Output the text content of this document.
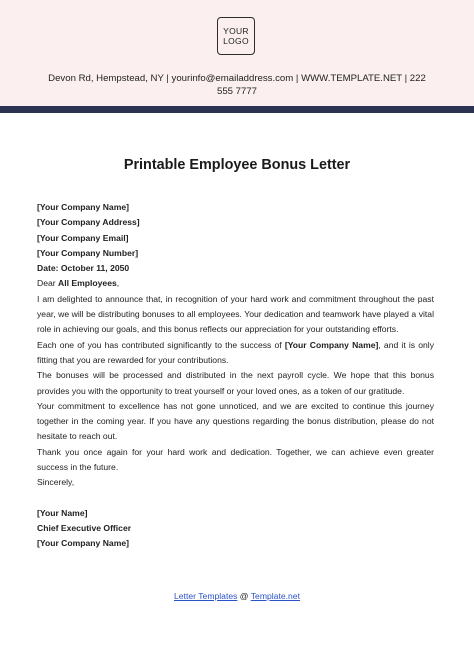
YOUR
LOGO
Devon Rd, Hempstead, NY | yourinfo@emailaddress.com | WWW.TEMPLATE.NET | 222
555 7777
Printable Employee Bonus Letter

[Your Company Name]

[Your Company Address]

[Your Company Email]

[Your Company Number]

Date: October 11, 2050

Dear All Employees,

I am delighted to announce that, in recognition of your hard work and commitment throughout the past year, we will be distributing bonuses to all employees. Your dedication and teamwork have played a vital role in achieving our goals, and this bonus reflects our appreciation for your outstanding efforts.

Each one of you has contributed significantly to the success of [Your Company Name], and it is only fitting that you are rewarded for your contributions.

The bonuses will be processed and distributed in the next payroll cycle. We hope that this bonus provides you with the opportunity to treat yourself or your loved ones, as a token of our gratitude.

Your commitment to excellence has not gone unnoticed, and we are excited to continue this journey together in the coming year. If you have any questions regarding the bonus distribution, please do not hesitate to reach out.

Thank you once again for your hard work and dedication. Together, we can achieve even greater success in the future.

Sincerely,

[Your Name]

Chief Executive Officer

[Your Company Name]

Letter Templates @ Template.net
